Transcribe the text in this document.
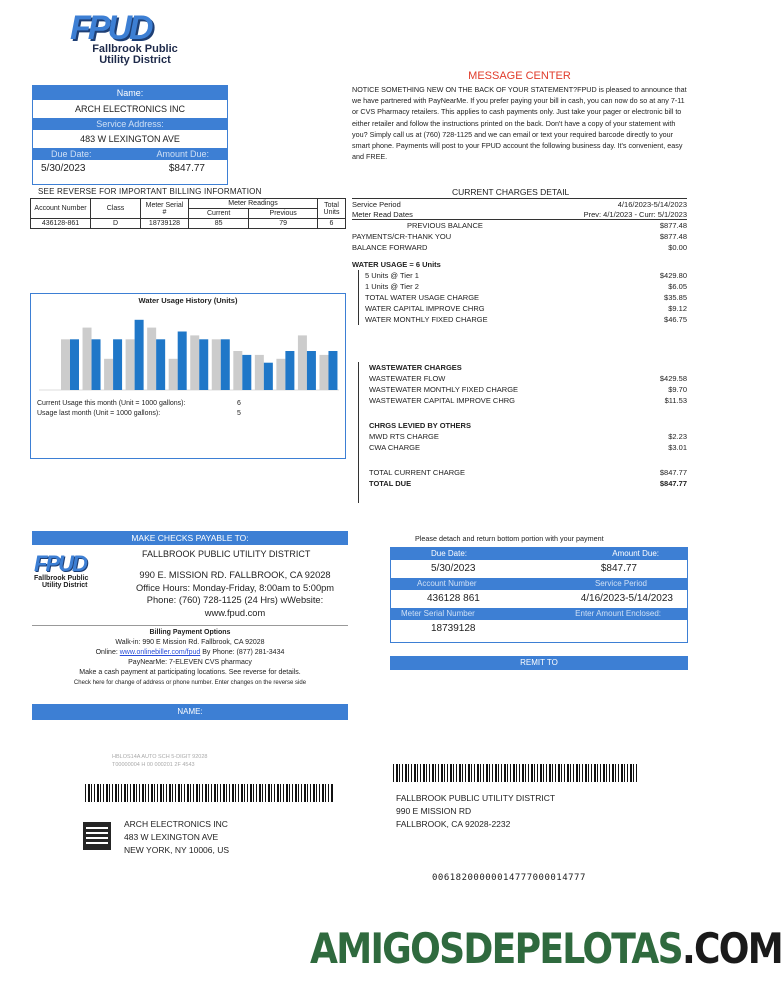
FPUD
Fallbrook Public
Utility District
Name:
ARCH ELECTRONICS INC
Service Address:
483 W LEXINGTON AVE
Due Date:	Amount Due:
5/30/2023	$847.77
MESSAGE CENTER
NOTICE SOMETHING NEW ON THE BACK OF YOUR STATEMENT?FPUD is pleased to announce that we have partnered with PayNearMe. If you prefer paying your bill in cash, you can now do so at any 7-11 or CVS Pharmacy retailers. This applies to cash payments only. Just take your pager or electronic bill to either retailer and follow the instructions printed on the back. Don't have a copy of your statement with you? Simply call us at (760) 728-1125 and we can email or text your required barcode directly to your smart phone. Payments will post to your FPUD account the following business day. It's convenient, easy and FREE.
SEE REVERSE FOR IMPORTANT BILLING INFORMATION
Account Number	Class	Meter Serial #	Meter Readings		Total Units
			Current	Previous	
436128-861	D	18739128	85	79	6
CURRENT CHARGES DETAIL
Service Period	4/16/2023-5/14/2023
Meter Read Dates	Prev: 4/1/2023 - Curr: 5/1/2023
PREVIOUS BALANCE	$877.48
PAYMENTS/CR-THANK YOU	$877.48
BALANCE FORWARD	$0.00
WATER USAGE = 6 Units
5 Units @ Tier 1	$429.80
1 Units @ Tier 2	$6.05
TOTAL WATER USAGE CHARGE	$35.85
WATER CAPITAL IMPROVE CHRG	$9.12
WATER MONTHLY FIXED CHARGE	$46.75
WASTEWATER CHARGES
WASTEWATER FLOW	$429.58
WASTEWATER MONTHLY FIXED CHARGE	$9.70
WASTEWATER CAPITAL IMPROVE CHRG	$11.53
CHRGS LEVIED BY OTHERS
MWD RTS CHARGE	$2.23
CWA CHARGE	$3.01
TOTAL CURRENT CHARGE	$847.77
TOTAL DUE	$847.77
Water Usage History (Units)
Current Usage this month (Unit = 1000 gallons):	6
Usage last month (Unit = 1000 gallons):	5
MAKE CHECKS PAYABLE TO:
FALLBROOK PUBLIC UTILITY DISTRICT
FPUD
Fallbrook Public
Utility District
990 E. MISSION RD. FALLBROOK, CA 92028
Office Hours: Monday-Friday, 8:00am to 5:00pm
Phone: (760) 728-1125 (24 Hrs) wWebsite:
www.fpud.com
Billing Payment Options
Walk-in: 990 E Mission Rd. Fallbrook, CA 92028
Online: www.onlinebiller.com/fpud By Phone: (877) 281-3434
PayNearMe: 7-ELEVEN CVS pharmacy
Make a cash payment at participating locations. See reverse for details.
Check here for change of address or phone number. Enter changes on the reverse side
NAME:
Please detach and return bottom portion with your payment
Due Date:	Amount Due:
5/30/2023	$847.77
Account Number	Service Period
436128 861	4/16/2023-5/14/2023
Meter Serial Number	Enter Amount Enclosed:
18739128
REMIT TO
HBLOS14A AUTO SCH 5-DIGIT 92028
T00000004 H 00 000201 2F 4543
ARCH ELECTRONICS INC
483 W LEXINGTON AVE
NEW YORK, NY 10006, US
FALLBROOK PUBLIC UTILITY DISTRICT
990 E MISSION RD
FALLBROOK, CA 92028-2232
00618200000014777000014777
AMIGOSDEPELOTAS.COM
